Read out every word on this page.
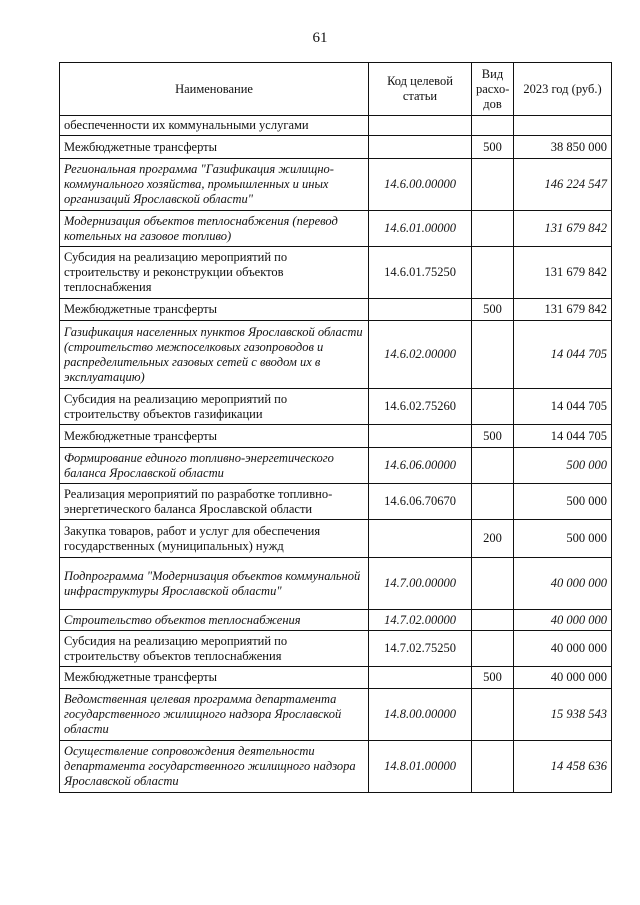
61
Наименование	Код целевой статьи	Вид расхо- дов	2023 год (руб.)
обеспеченности их коммунальными услугами			
Межбюджетные трансферты		500	38 850 000
Региональная программа "Газификация жилищно-коммунального хозяйства, промышленных и иных организаций Ярославской области"	14.6.00.00000		146 224 547
Модернизация объектов теплоснабжения (перевод котельных на газовое топливо)	14.6.01.00000		131 679 842
Субсидия на реализацию мероприятий по строительству и реконструкции объектов теплоснабжения	14.6.01.75250		131 679 842
Межбюджетные трансферты		500	131 679 842
Газификация населенных пунктов Ярославской области (строительство межпоселковых газопроводов и распределительных газовых сетей с вводом их в эксплуатацию)	14.6.02.00000		14 044 705
Субсидия на реализацию мероприятий по строительству объектов газификации	14.6.02.75260		14 044 705
Межбюджетные трансферты		500	14 044 705
Формирование единого топливно-энергетического баланса Ярославской области	14.6.06.00000		500 000
Реализация мероприятий по разработке топливно-энергетического баланса Ярославской области	14.6.06.70670		500 000
Закупка товаров, работ и услуг для обеспечения государственных (муниципальных) нужд		200	500 000
Подпрограмма "Модернизация объектов коммунальной инфраструктуры Ярославской области"	14.7.00.00000		40 000 000
Строительство объектов теплоснабжения	14.7.02.00000		40 000 000
Субсидия на реализацию мероприятий по строительству объектов теплоснабжения	14.7.02.75250		40 000 000
Межбюджетные трансферты		500	40 000 000
Ведомственная целевая программа департамента государственного жилищного надзора Ярославской области	14.8.00.00000		15 938 543
Осуществление сопровождения деятельности департамента государственного жилищного надзора Ярославской области	14.8.01.00000		14 458 636
